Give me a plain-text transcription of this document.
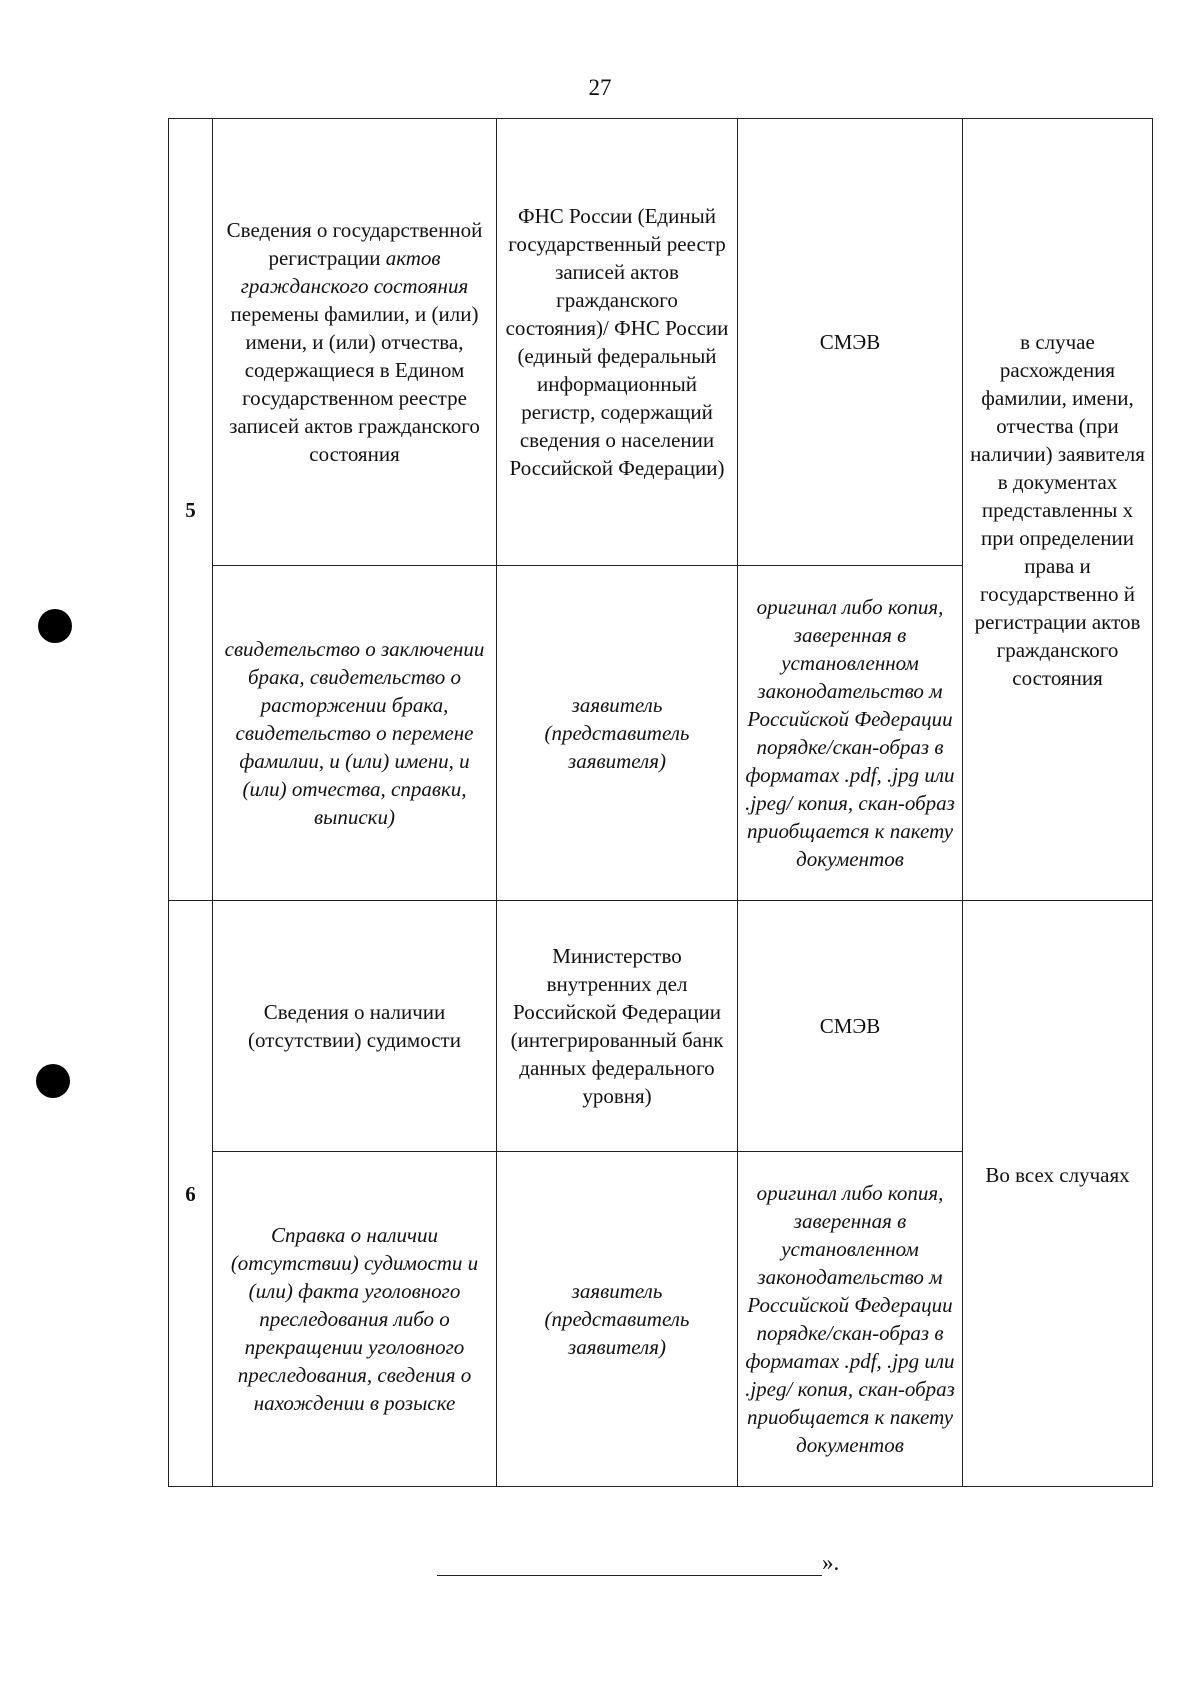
27
5	Сведения о государственной регистрации актов гражданского состояния перемены фамилии, и (или) имени, и (или) отчества, содержащиеся в Едином государственном реестре записей актов гражданского состояния	ФНС России (Единый государственный реестр записей актов гражданского состояния)/ ФНС России (единый федеральный информационный регистр, содержащий сведения о населении Российской Федерации)	СМЭВ	в случае расхождения фамилии, имени, отчества (при наличии) заявителя в документах представленны х при определении права и государственно й регистрации актов гражданского состояния
	свидетельство о заключении брака, свидетельство о расторжении брака, свидетельство о перемене фамилии, и (или) имени, и (или) отчества, справки, выписки)	заявитель (представитель заявителя)	оригинал либо копия, заверенная в установленном законодательство м Российской Федерации порядке/скан-образ в форматах .pdf, .jpg или .jpeg/ копия, скан-образ приобщается к пакету документов	
6	Сведения о наличии (отсутствии) судимости	Министерство внутренних дел Российской Федерации (интегрированный банк данных федерального уровня)	СМЭВ	Во всех случаях
	Справка о наличии (отсутствии) судимости и (или) факта уголовного преследования либо о прекращении уголовного преследования, сведения о нахождении в розыске	заявитель (представитель заявителя)	оригинал либо копия, заверенная в установленном законодательство м Российской Федерации порядке/скан-образ в форматах .pdf, .jpg или .jpeg/ копия, скан-образ приобщается к пакету документов	
».
